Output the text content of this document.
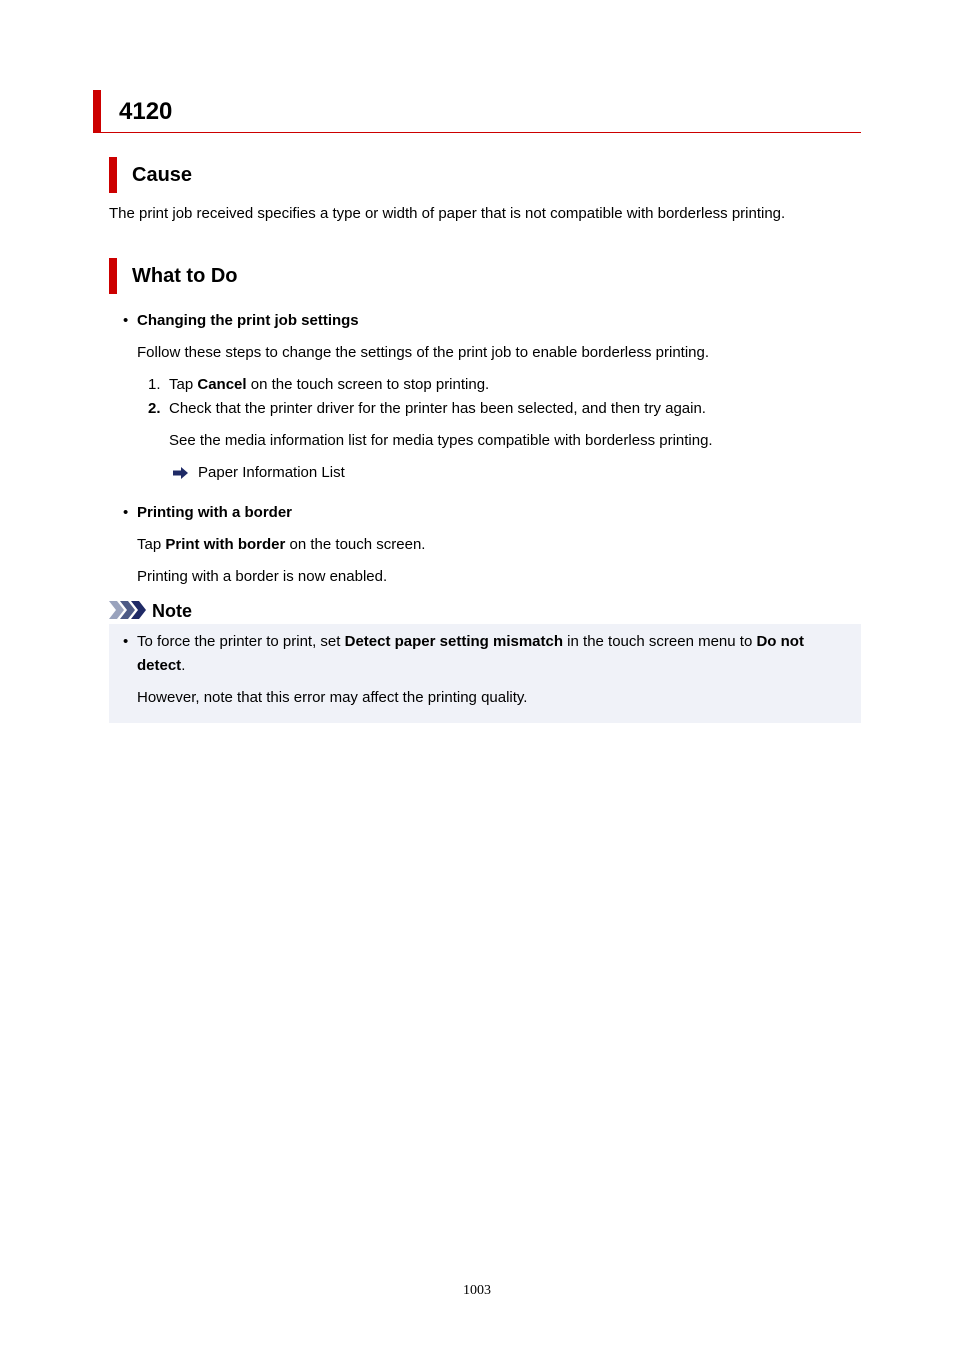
4120
Cause
The print job received specifies a type or width of paper that is not compatible with borderless printing.
What to Do
• Changing the print job settings
Follow these steps to change the settings of the print job to enable borderless printing.
1. Tap Cancel on the touch screen to stop printing.
2. Check that the printer driver for the printer has been selected, and then try again.
See the media information list for media types compatible with borderless printing.
Paper Information List
• Printing with a border
Tap Print with border on the touch screen.
Printing with a border is now enabled.
Note
• To force the printer to print, set Detect paper setting mismatch in the touch screen menu to Do not
detect.
However, note that this error may affect the printing quality.
1003
